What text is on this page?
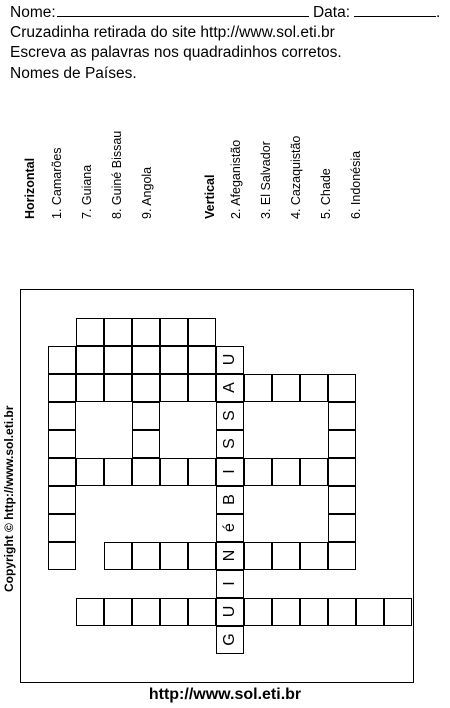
Nome:	Data:	.
Cruzadinha retirada do site http://www.sol.eti.br
Escreva as palavras nos quadradinhos corretos.
Nomes de Países.
Horizontal 1. Camarões 7. Guiana 8. Guiné Bissau 9. Angola	Vertical 2. Afeganistão 3. El Salvador 4. Cazaquistão 5. Chade 6. Indonésia
U
A
I
N
U
S
S
B
é
I
G
Copyright © http://www.sol.eti.br
http://www.sol.eti.br
